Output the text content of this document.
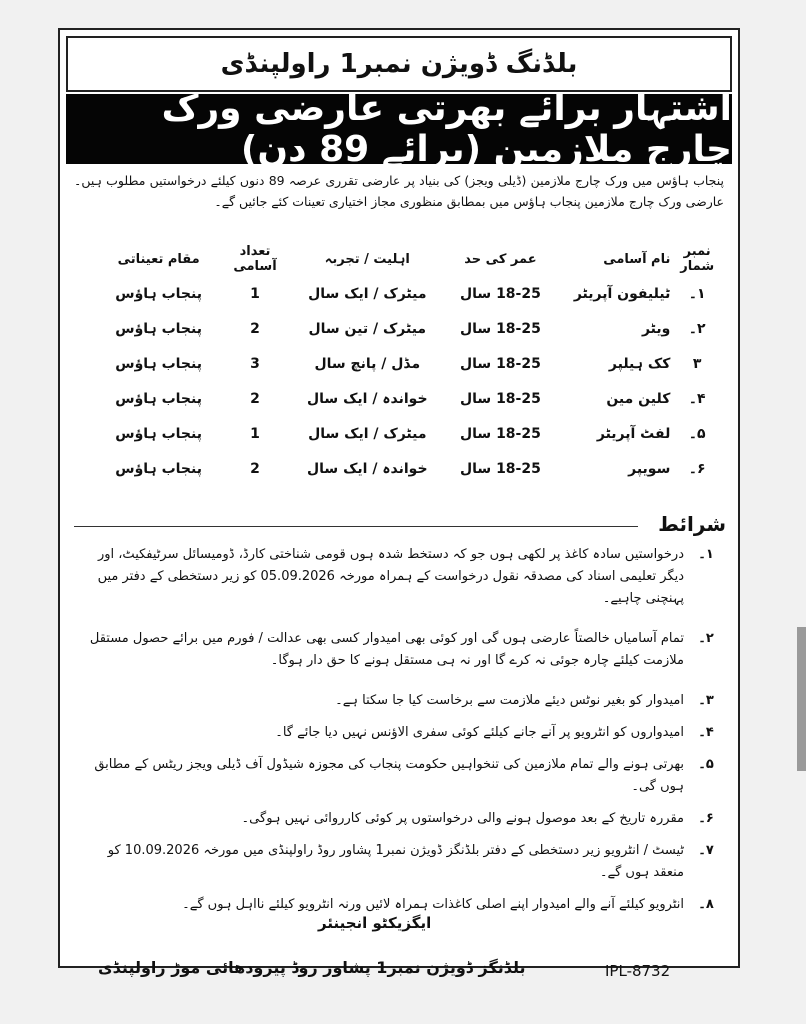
بلڈنگ ڈویژن نمبر1 راولپنڈی
اشتہار برائے بھرتی عارضی ورک چارج ملازمین (برائے 89 دن)
پنجاب ہاؤس میں ورک چارج ملازمین (ڈیلی ویجز) کی بنیاد پر عارضی تقرری عرصہ 89 دنوں کیلئے درخواستیں مطلوب ہیں۔ عارضی ورک چارج ملازمین پنجاب ہاؤس میں بمطابق منظوری مجاز اختیاری تعینات کئے جائیں گے۔
نمبر شمار
نام آسامی
عمر کی حد
اہلیت / تجربہ
تعداد آسامی
مقام تعیناتی
۱۔
ٹیلیفون آپریٹر
18-25 سال
میٹرک / ایک سال
1
پنجاب ہاؤس
۲۔
ویٹر
18-25 سال
میٹرک / تین سال
2
پنجاب ہاؤس
۳
کک ہیلپر
18-25 سال
مڈل / پانچ سال
3
پنجاب ہاؤس
۴۔
کلین مین
18-25 سال
خواندہ / ایک سال
2
پنجاب ہاؤس
۵۔
لفٹ آپریٹر
18-25 سال
میٹرک / ایک سال
1
پنجاب ہاؤس
۶۔
سویپر
18-25 سال
خواندہ / ایک سال
2
پنجاب ہاؤس
شرائط
۱۔
درخواستیں سادہ کاغذ پر لکھی ہوں جو کہ دستخط شدہ ہوں قومی شناختی کارڈ، ڈومیسائل سرٹیفکیٹ، اور دیگر تعلیمی اسناد کی مصدقہ نقول درخواست کے ہمراہ مورخہ 05.09.2026 کو زیر دستخطی کے دفتر میں پہنچنی چاہیے۔
۲۔
تمام آسامیاں خالصتاً عارضی ہوں گی اور کوئی بھی امیدوار کسی بھی عدالت / فورم میں برائے حصول مستقل ملازمت کیلئے چارہ جوئی نہ کرے گا اور نہ ہی مستقل ہونے کا حق دار ہوگا۔
۳۔
امیدوار کو بغیر نوٹس دیئے ملازمت سے برخاست کیا جا سکتا ہے۔
۴۔
امیدواروں کو انٹرویو پر آنے جانے کیلئے کوئی سفری الاؤنس نہیں دیا جائے گا۔
۵۔
بھرتی ہونے والے تمام ملازمین کی تنخواہیں حکومت پنجاب کی مجوزہ شیڈول آف ڈیلی ویجز ریٹس کے مطابق ہوں گی۔
۶۔
مقررہ تاریخ کے بعد موصول ہونے والی درخواستوں پر کوئی کارروائی نہیں ہوگی۔
۷۔
ٹیسٹ / انٹرویو زیر دستخطی کے دفتر بلڈنگز ڈویژن نمبر1 پشاور روڈ راولپنڈی میں مورخہ 10.09.2026 کو منعقد ہوں گے۔
۸۔
انٹرویو کیلئے آنے والے امیدوار اپنے اصلی کاغذات ہمراہ لائیں ورنہ انٹرویو کیلئے نااہل ہوں گے۔
ایگزیکٹو انجینئر
بلڈنگز ڈویژن نمبر1 پشاور روڈ پیرودھائی موڑ راولپنڈی	IPL-8732
